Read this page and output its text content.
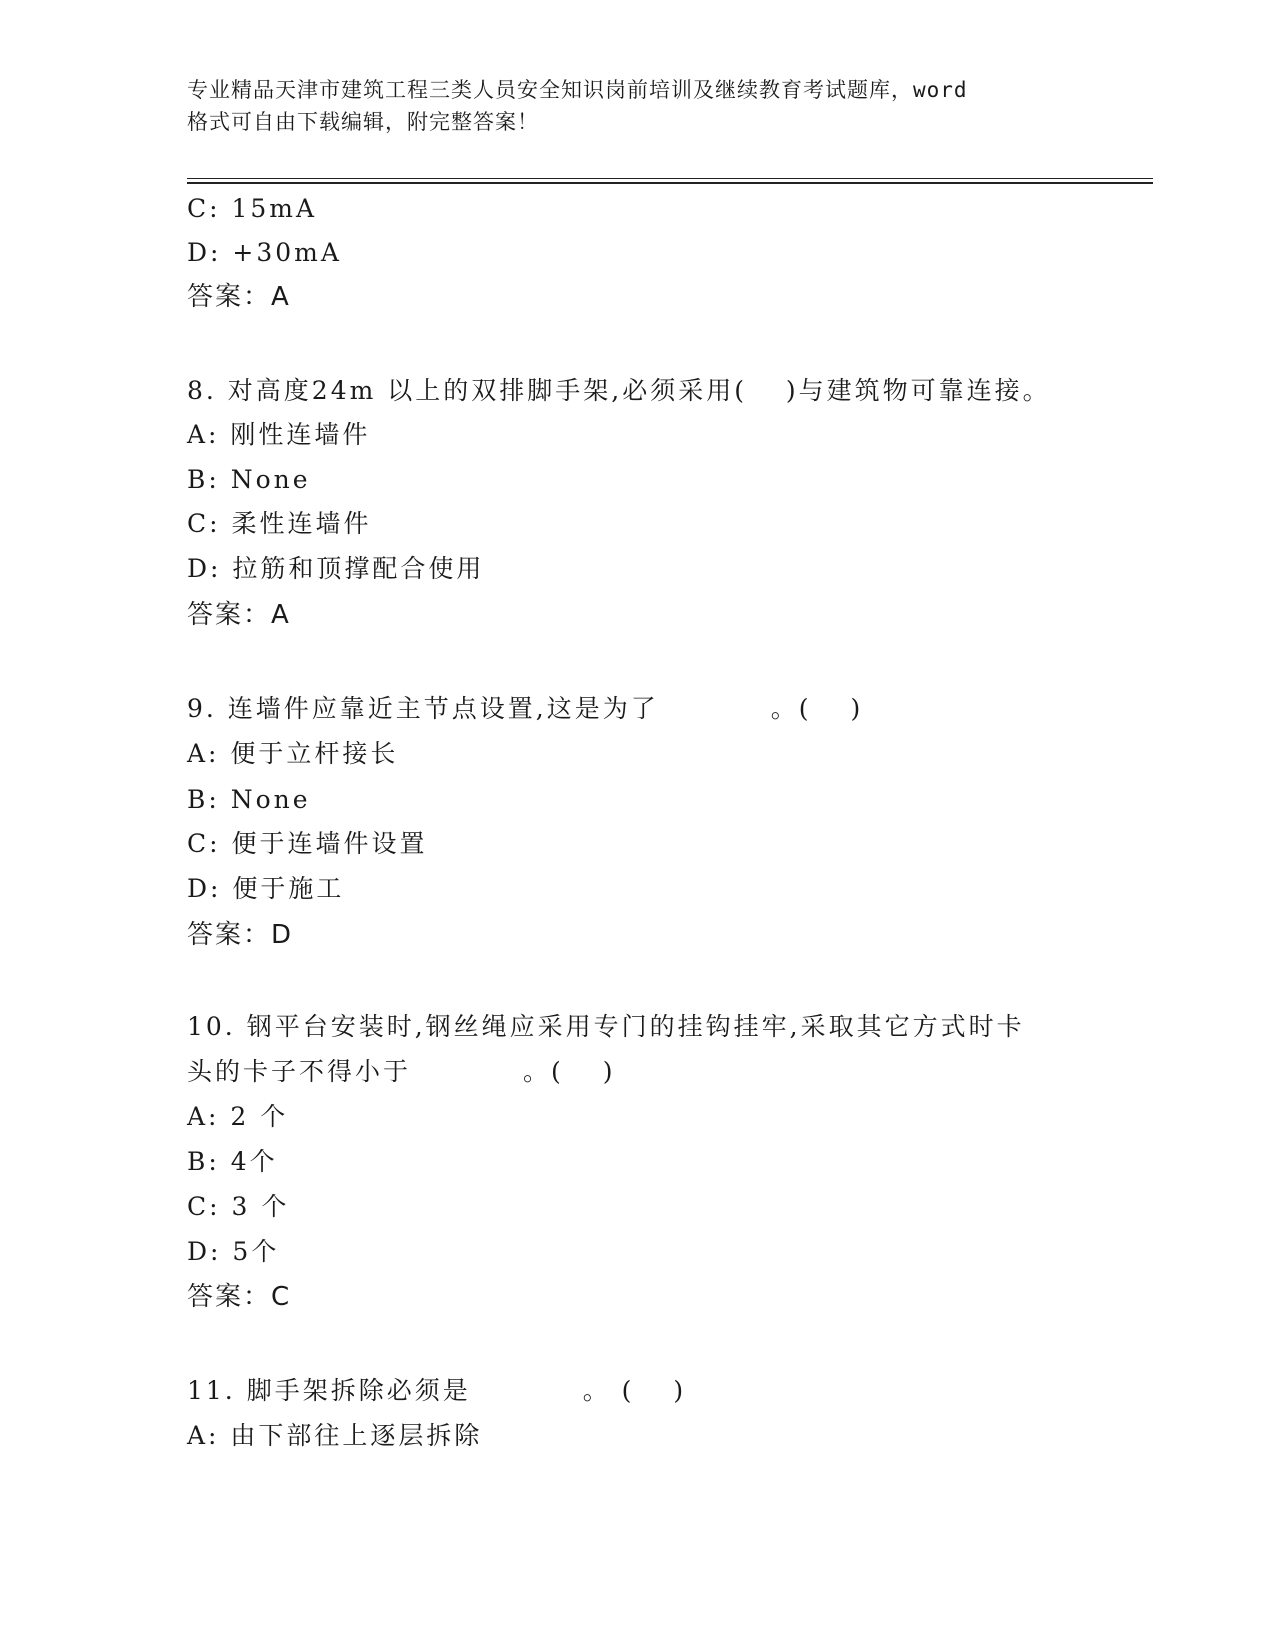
专业精品天津市建筑工程三类人员安全知识岗前培训及继续教育考试题库，word
格式可自由下载编辑，附完整答案！
C: 15mA
D: +30mA
答案：A
8. 对高度24m 以上的双排脚手架,必须采用(　 )与建筑物可靠连接。
A: 刚性连墙件
B: None
C: 柔性连墙件
D: 拉筋和顶撑配合使用
答案：A
9. 连墙件应靠近主节点设置,这是为了　　　　。(　 )
A: 便于立杆接长
B: None
C: 便于连墙件设置
D: 便于施工
答案：D
10. 钢平台安装时,钢丝绳应采用专门的挂钩挂牢,采取其它方式时卡
头的卡子不得小于　　　　。(　 )
A: 2 个
B: 4个
C: 3 个
D: 5个
答案：C
11. 脚手架拆除必须是　　　　。 (　 )
A: 由下部往上逐层拆除
